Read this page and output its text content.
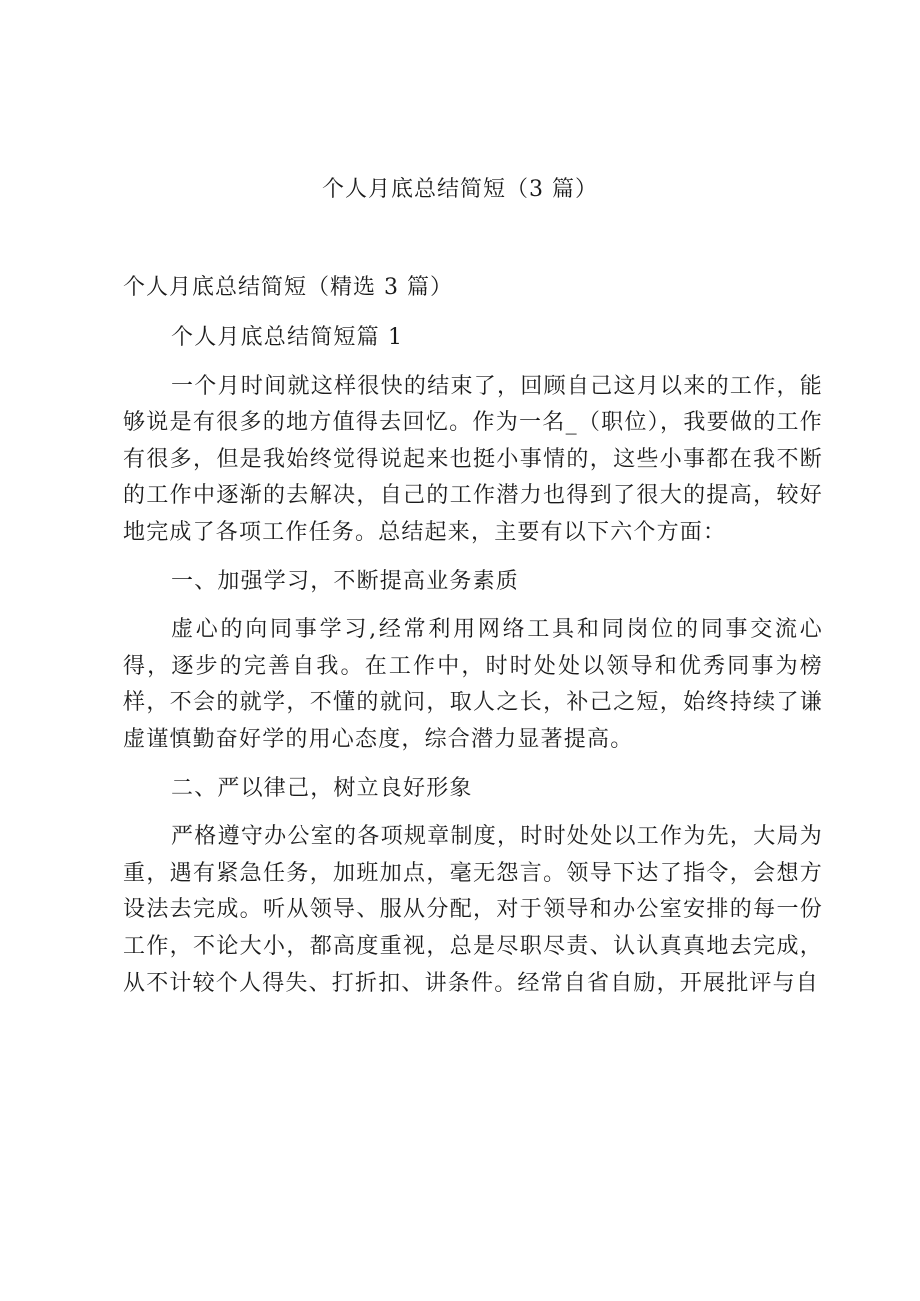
个人月底总结简短（3 篇）

个人月底总结简短（精选 3 篇）

个人月底总结简短篇 1

一个月时间就这样很快的结束了，回顾自己这月以来的工作，能够说是有很多的地方值得去回忆。作为一名_（职位），我要做的工作有很多，但是我始终觉得说起来也挺小事情的，这些小事都在我不断的工作中逐渐的去解决，自己的工作潜力也得到了很大的提高，较好地完成了各项工作任务。总结起来，主要有以下六个方面：

一、加强学习，不断提高业务素质

虚心的向同事学习,经常利用网络工具和同岗位的同事交流心得，逐步的完善自我。在工作中，时时处处以领导和优秀同事为榜样，不会的就学，不懂的就问，取人之长，补己之短，始终持续了谦虚谨慎勤奋好学的用心态度，综合潜力显著提高。

二、严以律己，树立良好形象

严格遵守办公室的各项规章制度，时时处处以工作为先，大局为重，遇有紧急任务，加班加点，毫无怨言。领导下达了指令，会想方设法去完成。听从领导、服从分配，对于领导和办公室安排的每一份工作，不论大小，都高度重视，总是尽职尽责、认认真真地去完成，从不计较个人得失、打折扣、讲条件。经常自省自励，开展批评与自
